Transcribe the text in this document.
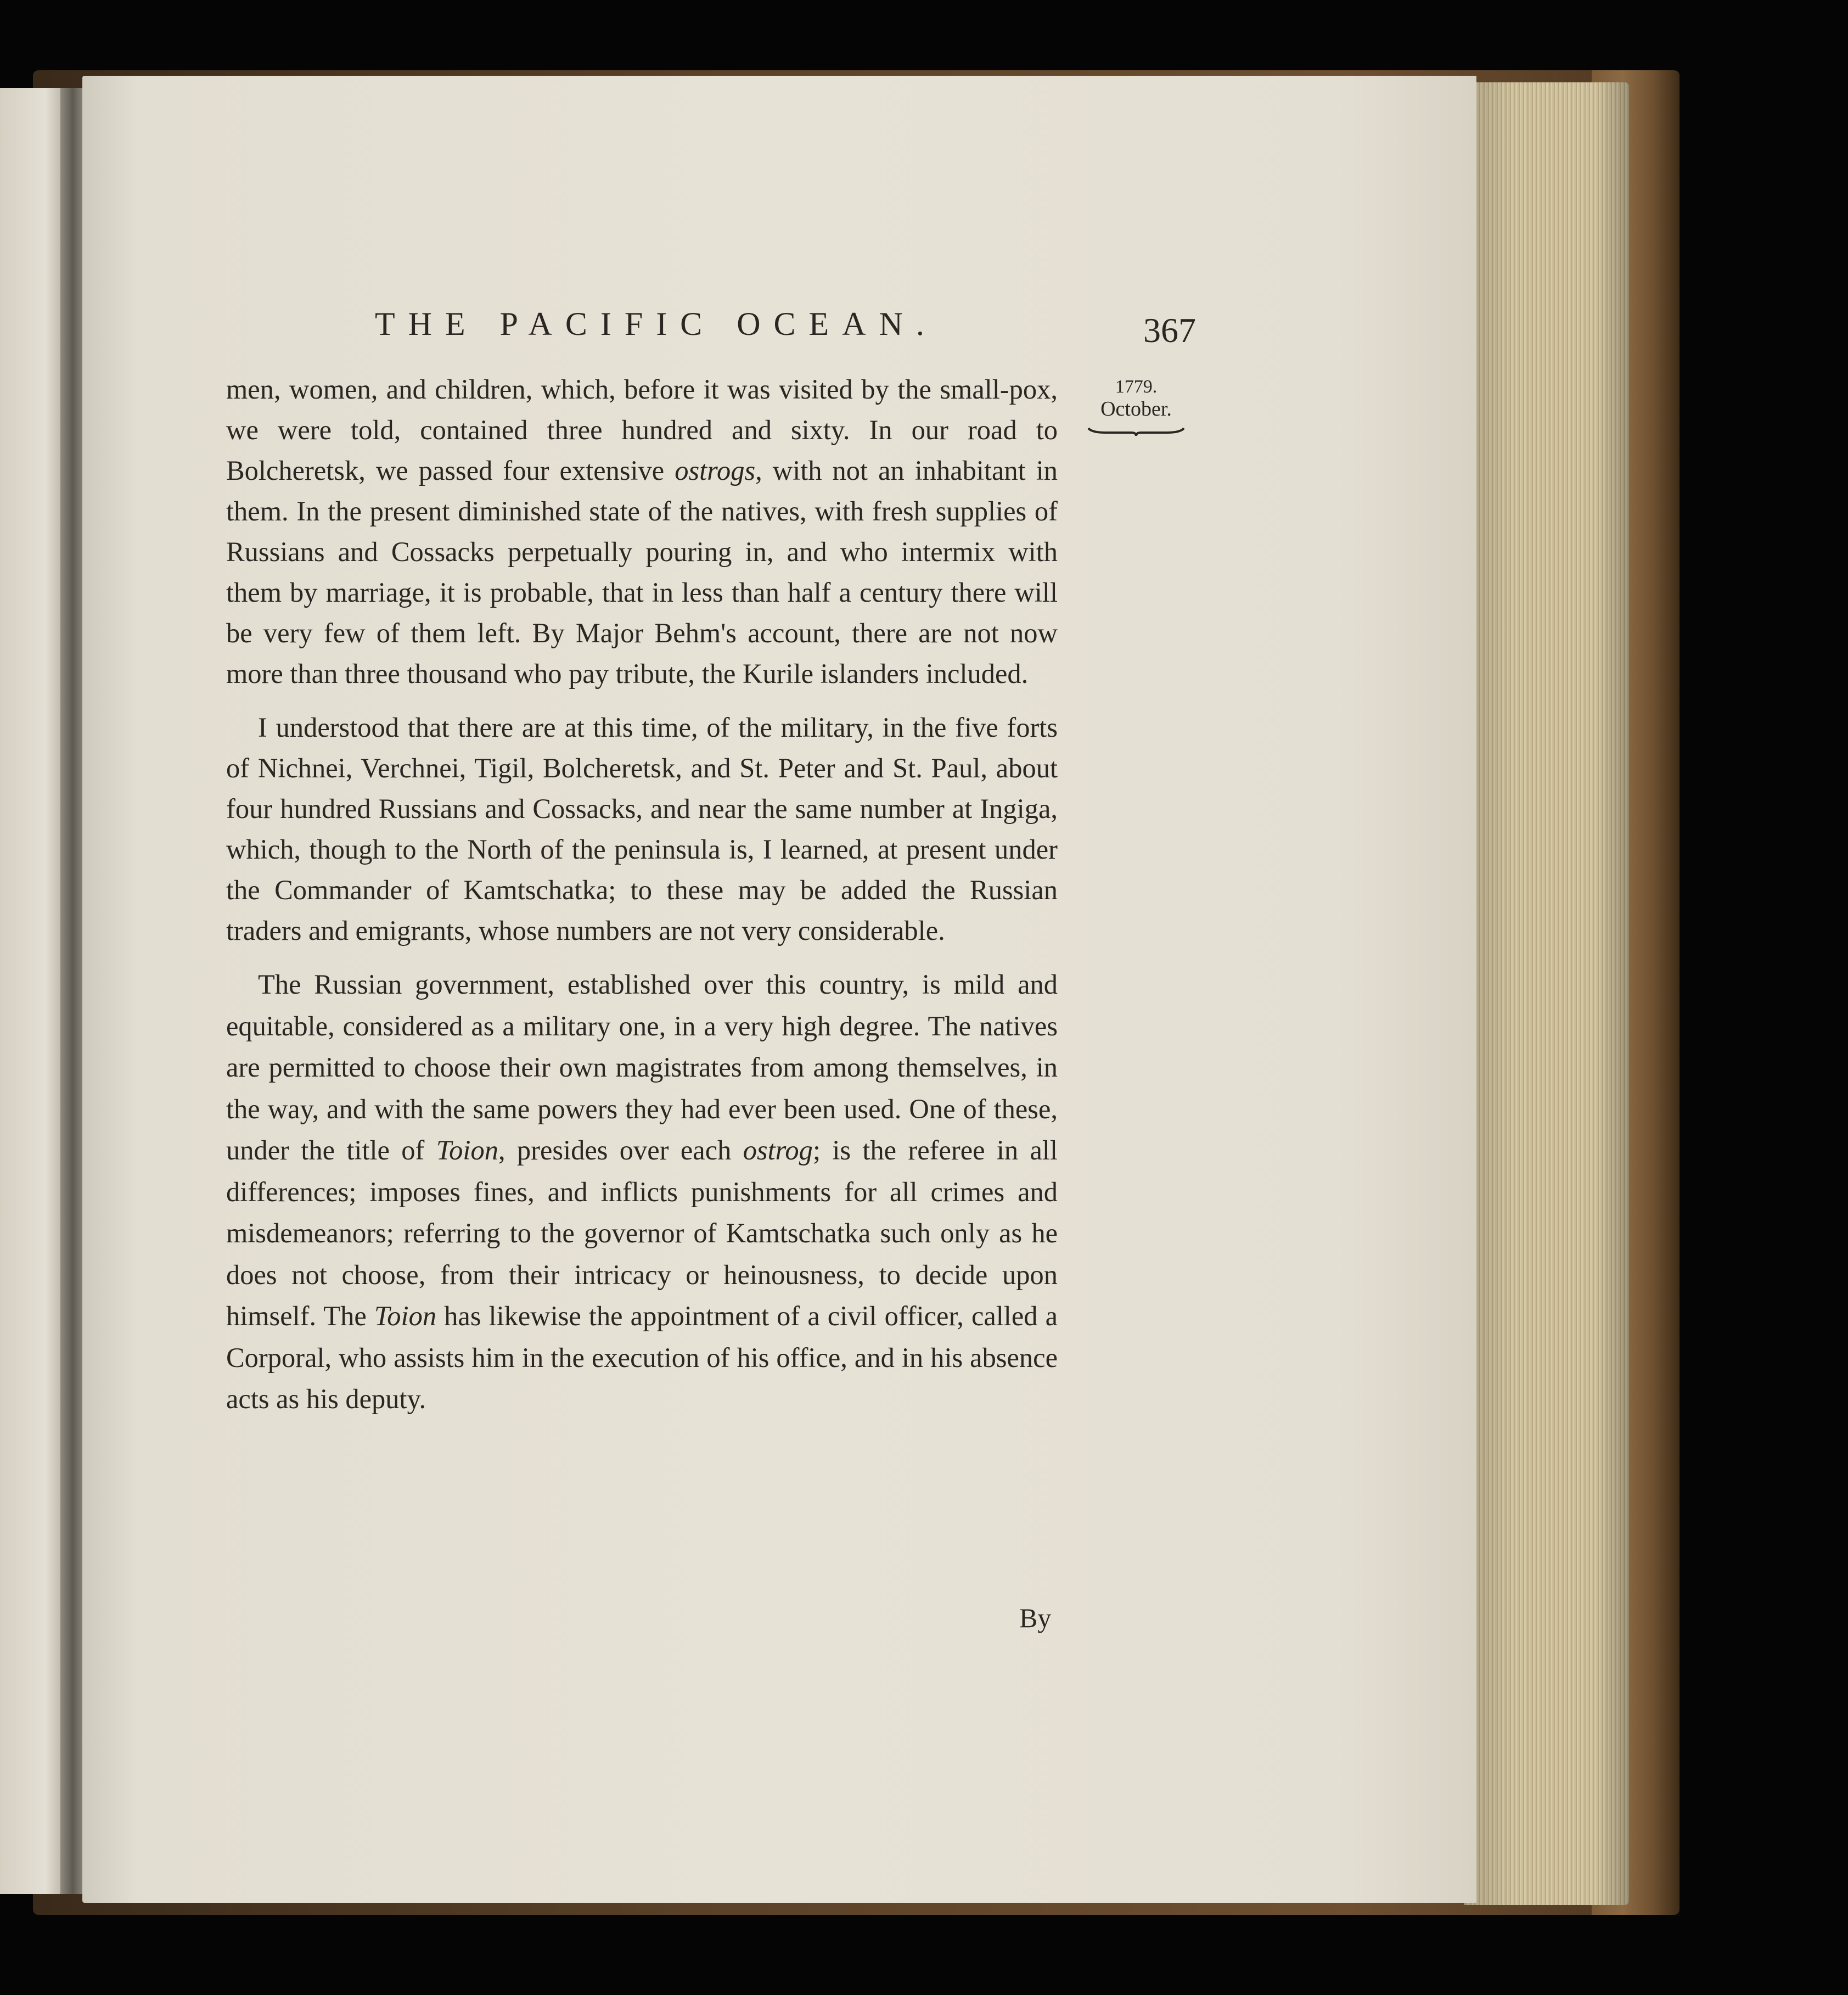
THE PACIFIC OCEAN.	367
1779.
October.

men, women, and children, which, before it was visited by the small-pox, we were told, contained three hundred and sixty. In our road to Bolcheretsk, we passed four extensive ostrogs, with not an inhabitant in them. In the present diminished state of the natives, with fresh supplies of Russians and Cossacks perpetually pouring in, and who intermix with them by marriage, it is probable, that in less than half a century there will be very few of them left. By Major Behm's account, there are not now more than three thousand who pay tribute, the Kurile islanders included.

I understood that there are at this time, of the military, in the five forts of Nichnei, Verchnei, Tigil, Bolcheretsk, and St. Peter and St. Paul, about four hundred Russians and Cossacks, and near the same number at Ingiga, which, though to the North of the peninsula is, I learned, at present under the Commander of Kamtschatka; to these may be added the Russian traders and emigrants, whose numbers are not very considerable.

The Russian government, established over this country, is mild and equitable, considered as a military one, in a very high degree. The natives are permitted to choose their own magistrates from among themselves, in the way, and with the same powers they had ever been used. One of these, under the title of Toion, presides over each ostrog; is the referee in all differences; imposes fines, and inflicts punishments for all crimes and misdemeanors; referring to the governor of Kamtschatka such only as he does not choose, from their intricacy or heinousness, to decide upon himself. The Toion has likewise the appointment of a civil officer, called a Corporal, who assists him in the execution of his office, and in his absence acts as his deputy.

By
